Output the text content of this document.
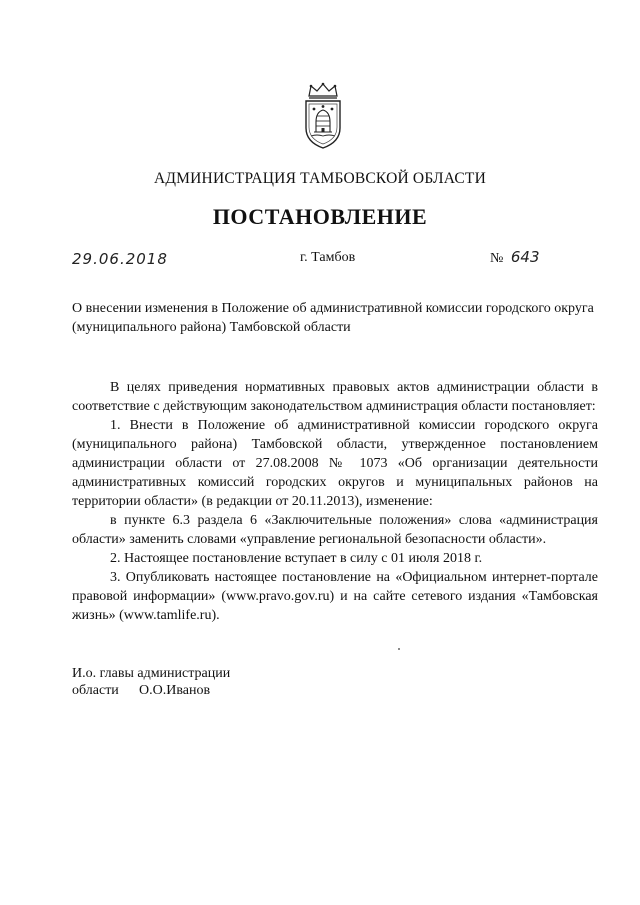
АДМИНИСТРАЦИЯ ТАМБОВСКОЙ ОБЛАСТИ
ПОСТАНОВЛЕНИЕ
29.06.2018	г. Тамбов	№ 643
О внесении изменения в Положение об административной комиссии городского округа (муниципального района) Тамбовской области

В целях приведения нормативных правовых актов администрации области в соответствие с действующим законодательством администрация области постановляет:

1. Внести в Положение об административной комиссии городского округа (муниципального района) Тамбовской области, утвержденное постановлением администрации области от 27.08.2008 № 1073 «Об организации деятельности административных комиссий городских округов и муниципальных районов на территории области» (в редакции от 20.11.2013), изменение:

в пункте 6.3 раздела 6 «Заключительные положения» слова «администрация области» заменить словами «управление региональной безопасности области».

2. Настоящее постановление вступает в силу с 01 июля 2018 г.

3. Опубликовать настоящее постановление на «Официальном интернет-портале правовой информации» (www.pravo.gov.ru) и на сайте сетевого издания «Тамбовская жизнь» (www.tamlife.ru).

И.о. главы администрации
области О.О.Иванов
